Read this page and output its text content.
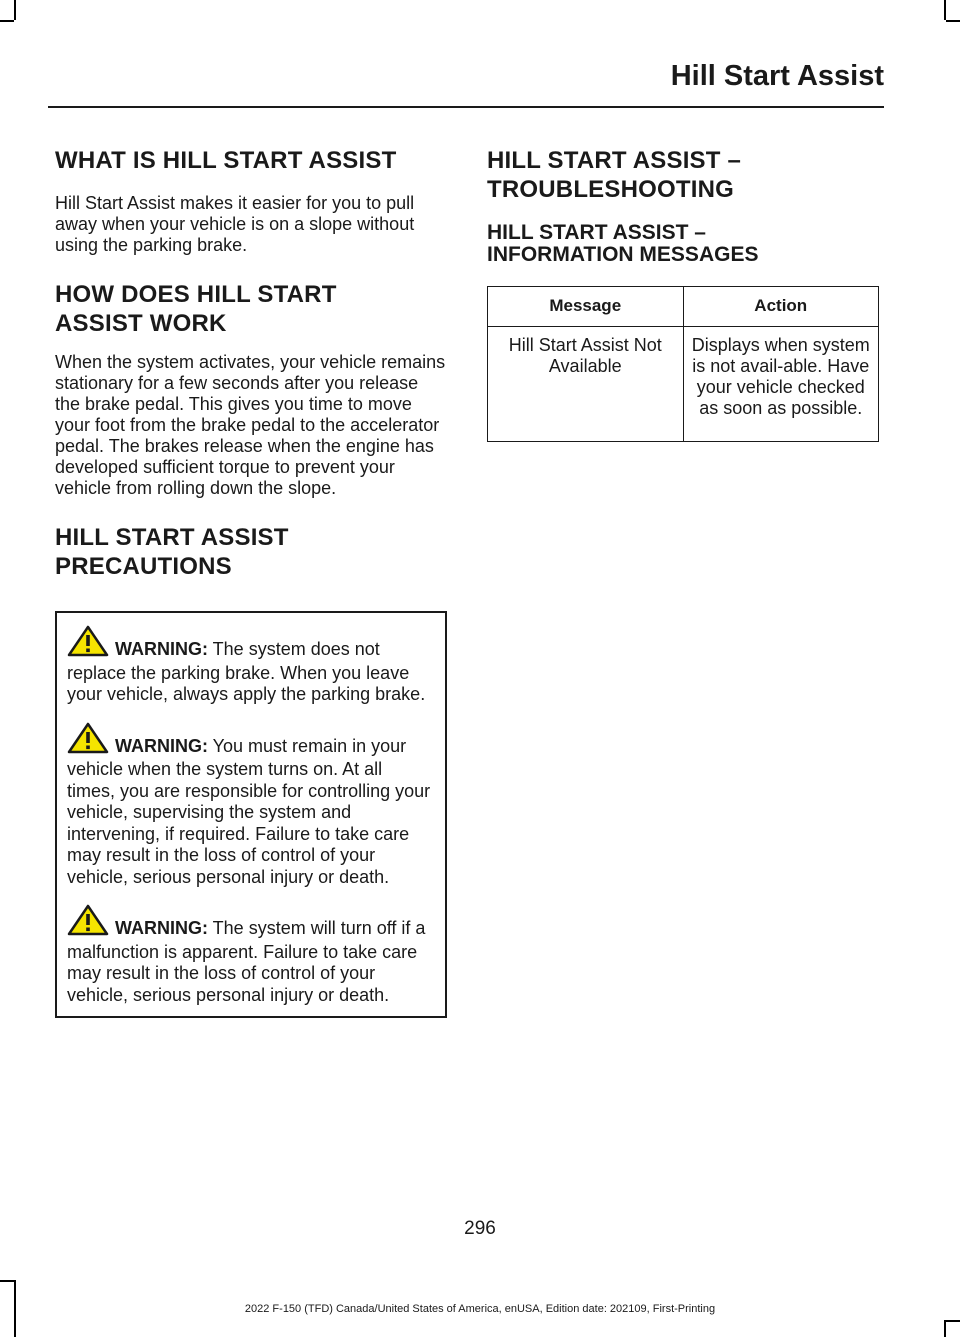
Hill Start Assist
WHAT IS HILL START ASSIST

Hill Start Assist makes it easier for you to pull away when your vehicle is on a slope without using the parking brake.

HOW DOES HILL START
ASSIST WORK

When the system activates, your vehicle remains stationary for a few seconds after you release the brake pedal. This gives you time to move your foot from the brake pedal to the accelerator pedal. The brakes release when the engine has developed sufficient torque to prevent your vehicle from rolling down the slope.

HILL START ASSIST
PRECAUTIONS

WARNING: The system does not replace the parking brake. When you leave your vehicle, always apply the parking brake.

WARNING: You must remain in your vehicle when the system turns on. At all times, you are responsible for controlling your vehicle, supervising the system and intervening, if required. Failure to take care may result in the loss of control of your vehicle, serious personal injury or death.

WARNING: The system will turn off if a malfunction is apparent. Failure to take care may result in the loss of control of your vehicle, serious personal injury or death.

HILL START ASSIST –
TROUBLESHOOTING
HILL START ASSIST –
INFORMATION MESSAGES
Message	Action
Hill Start Assist Not Available	Displays when system is not avail-able. Have your vehicle checked as soon as possible.
296
2022 F-150 (TFD) Canada/United States of America, enUSA, Edition date: 202109, First-Printing
